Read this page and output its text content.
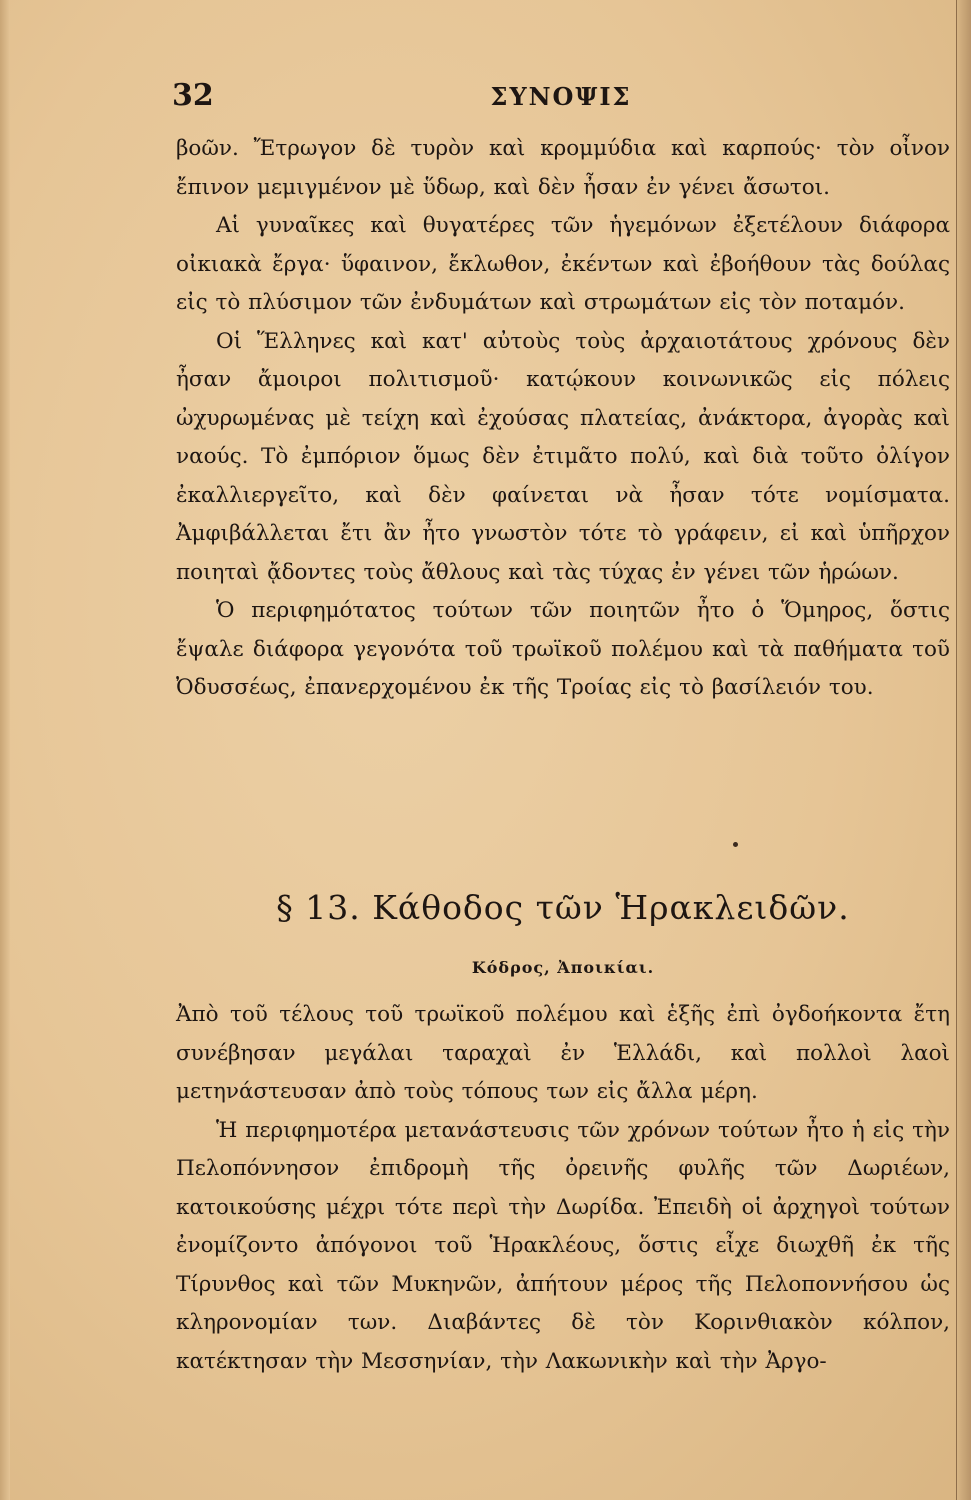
32	ΣΥΝΟΨΙΣ

βοῶν. Ἔτρωγον δὲ τυρὸν καὶ κρομμύδια καὶ καρπούς· τὸν οἶνον ἔπινον μεμιγμένον μὲ ὕδωρ, καὶ δὲν ἦσαν ἐν γένει ἄσωτοι.

Αἱ γυναῖκες καὶ θυγατέρες τῶν ἡγεμόνων ἐξετέλουν διάφορα οἰκιακὰ ἔργα· ὕφαινον, ἔκλωθον, ἐκέντων καὶ ἐβοήθουν τὰς δούλας εἰς τὸ πλύσιμον τῶν ἐνδυμάτων καὶ στρωμάτων εἰς τὸν ποταμόν.

Οἱ Ἕλληνες καὶ κατ' αὐτοὺς τοὺς ἀρχαιοτάτους χρόνους δὲν ἦσαν ἄμοιροι πολιτισμοῦ· κατῴκουν κοινωνικῶς εἰς πόλεις ὠχυρωμένας μὲ τείχη καὶ ἐχούσας πλατείας, ἀνάκτορα, ἀγορὰς καὶ ναούς. Τὸ ἐμπόριον ὅμως δὲν ἐτιμᾶτο πολύ, καὶ διὰ τοῦτο ὀλίγον ἐκαλλιεργεῖτο, καὶ δὲν φαίνεται νὰ ἦσαν τότε νομίσματα. Ἀμφιβάλλεται ἔτι ἂν ἦτο γνωστὸν τότε τὸ γράφειν, εἰ καὶ ὑπῆρχον ποιηταὶ ᾄδοντες τοὺς ἄθλους καὶ τὰς τύχας ἐν γένει τῶν ἡρώων.

Ὁ περιφημότατος τούτων τῶν ποιητῶν ἦτο ὁ Ὅμηρος, ὅστις ἔψαλε διάφορα γεγονότα τοῦ τρωϊκοῦ πολέμου καὶ τὰ παθήματα τοῦ Ὀδυσσέως, ἐπανερχομένου ἐκ τῆς Τροίας εἰς τὸ βασίλειόν του.

§ 13. Κάθοδος τῶν Ἡρακλειδῶν.
Κόδρος, Ἀποικίαι.

Ἀπὸ τοῦ τέλους τοῦ τρωϊκοῦ πολέμου καὶ ἑξῆς ἐπὶ ὀγδοήκοντα ἔτη συνέβησαν μεγάλαι ταραχαὶ ἐν Ἑλλάδι, καὶ πολλοὶ λαοὶ μετηνάστευσαν ἀπὸ τοὺς τόπους των εἰς ἄλλα μέρη.

Ἡ περιφημοτέρα μετανάστευσις τῶν χρόνων τούτων ἦτο ἡ εἰς τὴν Πελοπόννησον ἐπιδρομὴ τῆς ὀρεινῆς φυλῆς τῶν Δωριέων, κατοικούσης μέχρι τότε περὶ τὴν Δωρίδα. Ἐπειδὴ οἱ ἀρχηγοὶ τούτων ἐνομίζοντο ἀπόγονοι τοῦ Ἡρακλέους, ὅστις εἶχε διωχθῆ ἐκ τῆς Τίρυνθος καὶ τῶν Μυκηνῶν, ἀπήτουν μέρος τῆς Πελοποννήσου ὡς κληρονομίαν των. Διαβάντες δὲ τὸν Κορινθιακὸν κόλπον, κατέκτησαν τὴν Μεσσηνίαν, τὴν Λακωνικὴν καὶ τὴν Ἀργο-
